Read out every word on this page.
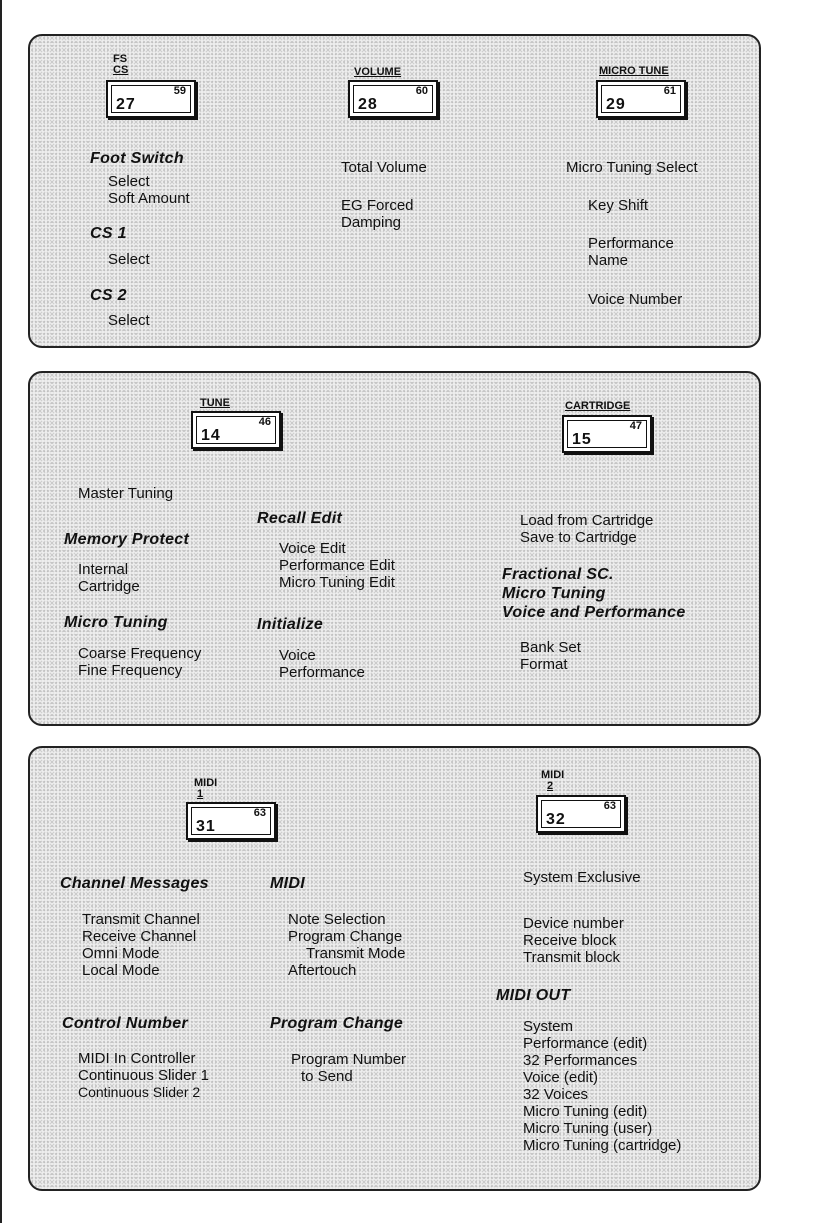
FS
CS
27
59
VOLUME
28
60
MICRO TUNE
29
61
Foot Switch
Select
Soft Amount
CS 1
Select
CS 2
Select
Total Volume
EG Forced
Damping
Micro Tuning Select
Key Shift
Performance
Name
Voice Number
TUNE
14
46
CARTRIDGE
15
47
Master Tuning
Memory Protect
Internal
Cartridge
Micro Tuning
Coarse Frequency
Fine Frequency
Recall Edit
Voice Edit
Performance Edit
Micro Tuning Edit
Initialize
Voice
Performance
Load from Cartridge
Save to Cartridge
Fractional SC.
Micro Tuning
Voice and Performance
Bank Set
Format
MIDI
1
31
63
MIDI
2
32
63
Channel Messages
Transmit Channel
Receive Channel
Omni Mode
Local Mode
MIDI
Note Selection
Program Change
Transmit Mode
Aftertouch
Control Number
MIDI In Controller
Continuous Slider 1
Continuous Slider 2
Program Change
Program Number
to Send
System Exclusive
Device number
Receive block
Transmit block
MIDI OUT
System
Performance (edit)
32 Performances
Voice (edit)
32 Voices
Micro Tuning (edit)
Micro Tuning (user)
Micro Tuning (cartridge)
